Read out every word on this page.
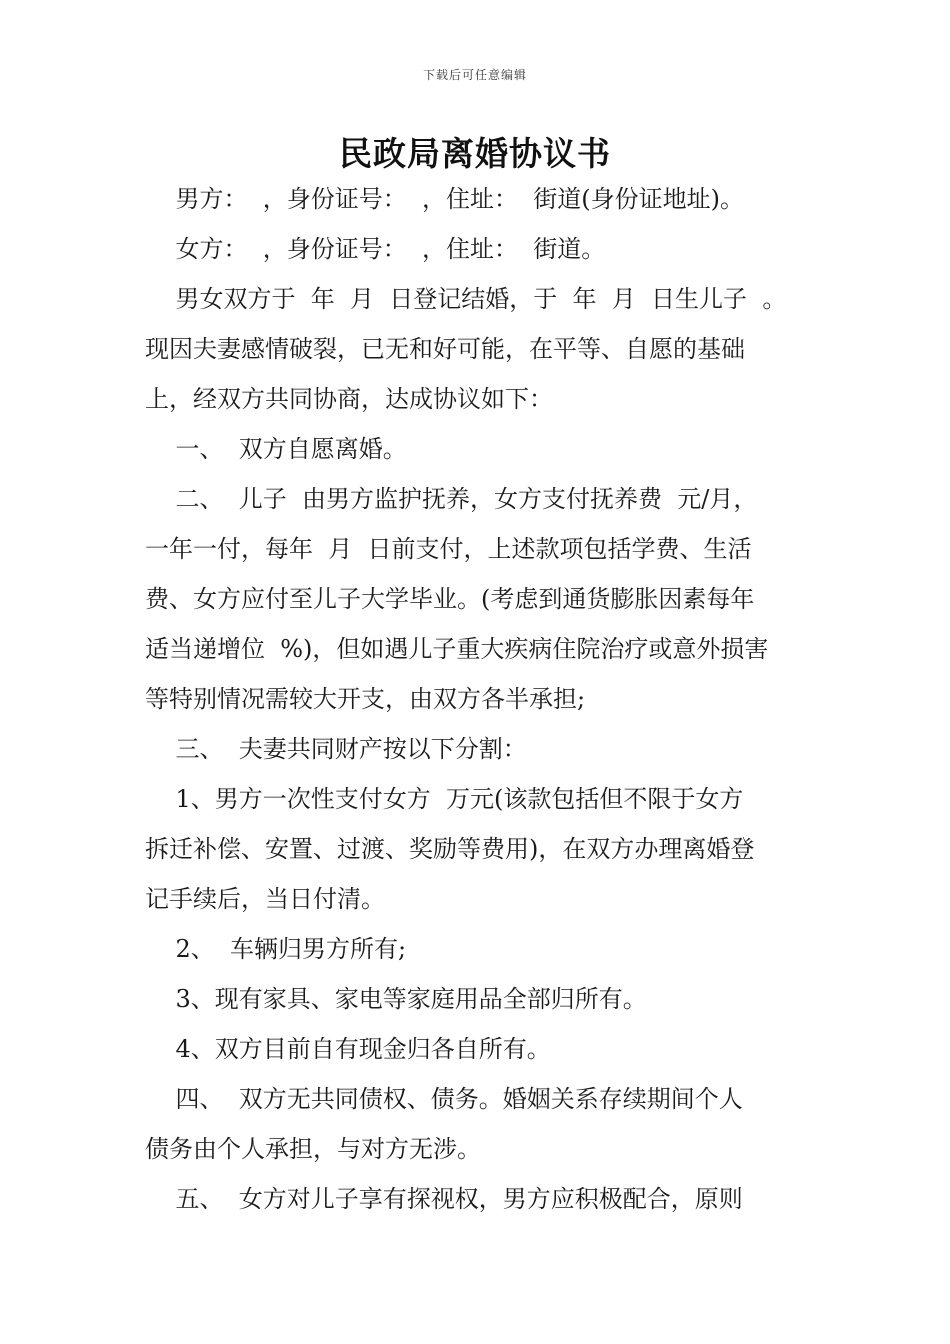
下载后可任意编辑
民政局离婚协议书
男方：  ，身份证号：  ，住址：  街道(身份证地址)。
女方：  ，身份证号：  ，住址：  街道。
男女双方于  年  月  日登记结婚，于  年  月  日生儿子  。
现因夫妻感情破裂，已无和好可能，在平等、自愿的基础
上，经双方共同协商，达成协议如下：
一、  双方自愿离婚。
二、  儿子  由男方监护抚养，女方支付抚养费  元/月，
一年一付，每年  月  日前支付，上述款项包括学费、生活
费、女方应付至儿子大学毕业。(考虑到通货膨胀因素每年
适当递增位  %)，但如遇儿子重大疾病住院治疗或意外损害
等特别情况需较大开支，由双方各半承担;
三、  夫妻共同财产按以下分割：
1、男方一次性支付女方  万元(该款包括但不限于女方
拆迁补偿、安置、过渡、奖励等费用)，在双方办理离婚登
记手续后，当日付清。
2、  车辆归男方所有;
3、现有家具、家电等家庭用品全部归所有。
4、双方目前自有现金归各自所有。
四、  双方无共同债权、债务。婚姻关系存续期间个人
债务由个人承担，与对方无涉。
五、  女方对儿子享有探视权，男方应积极配合，原则
